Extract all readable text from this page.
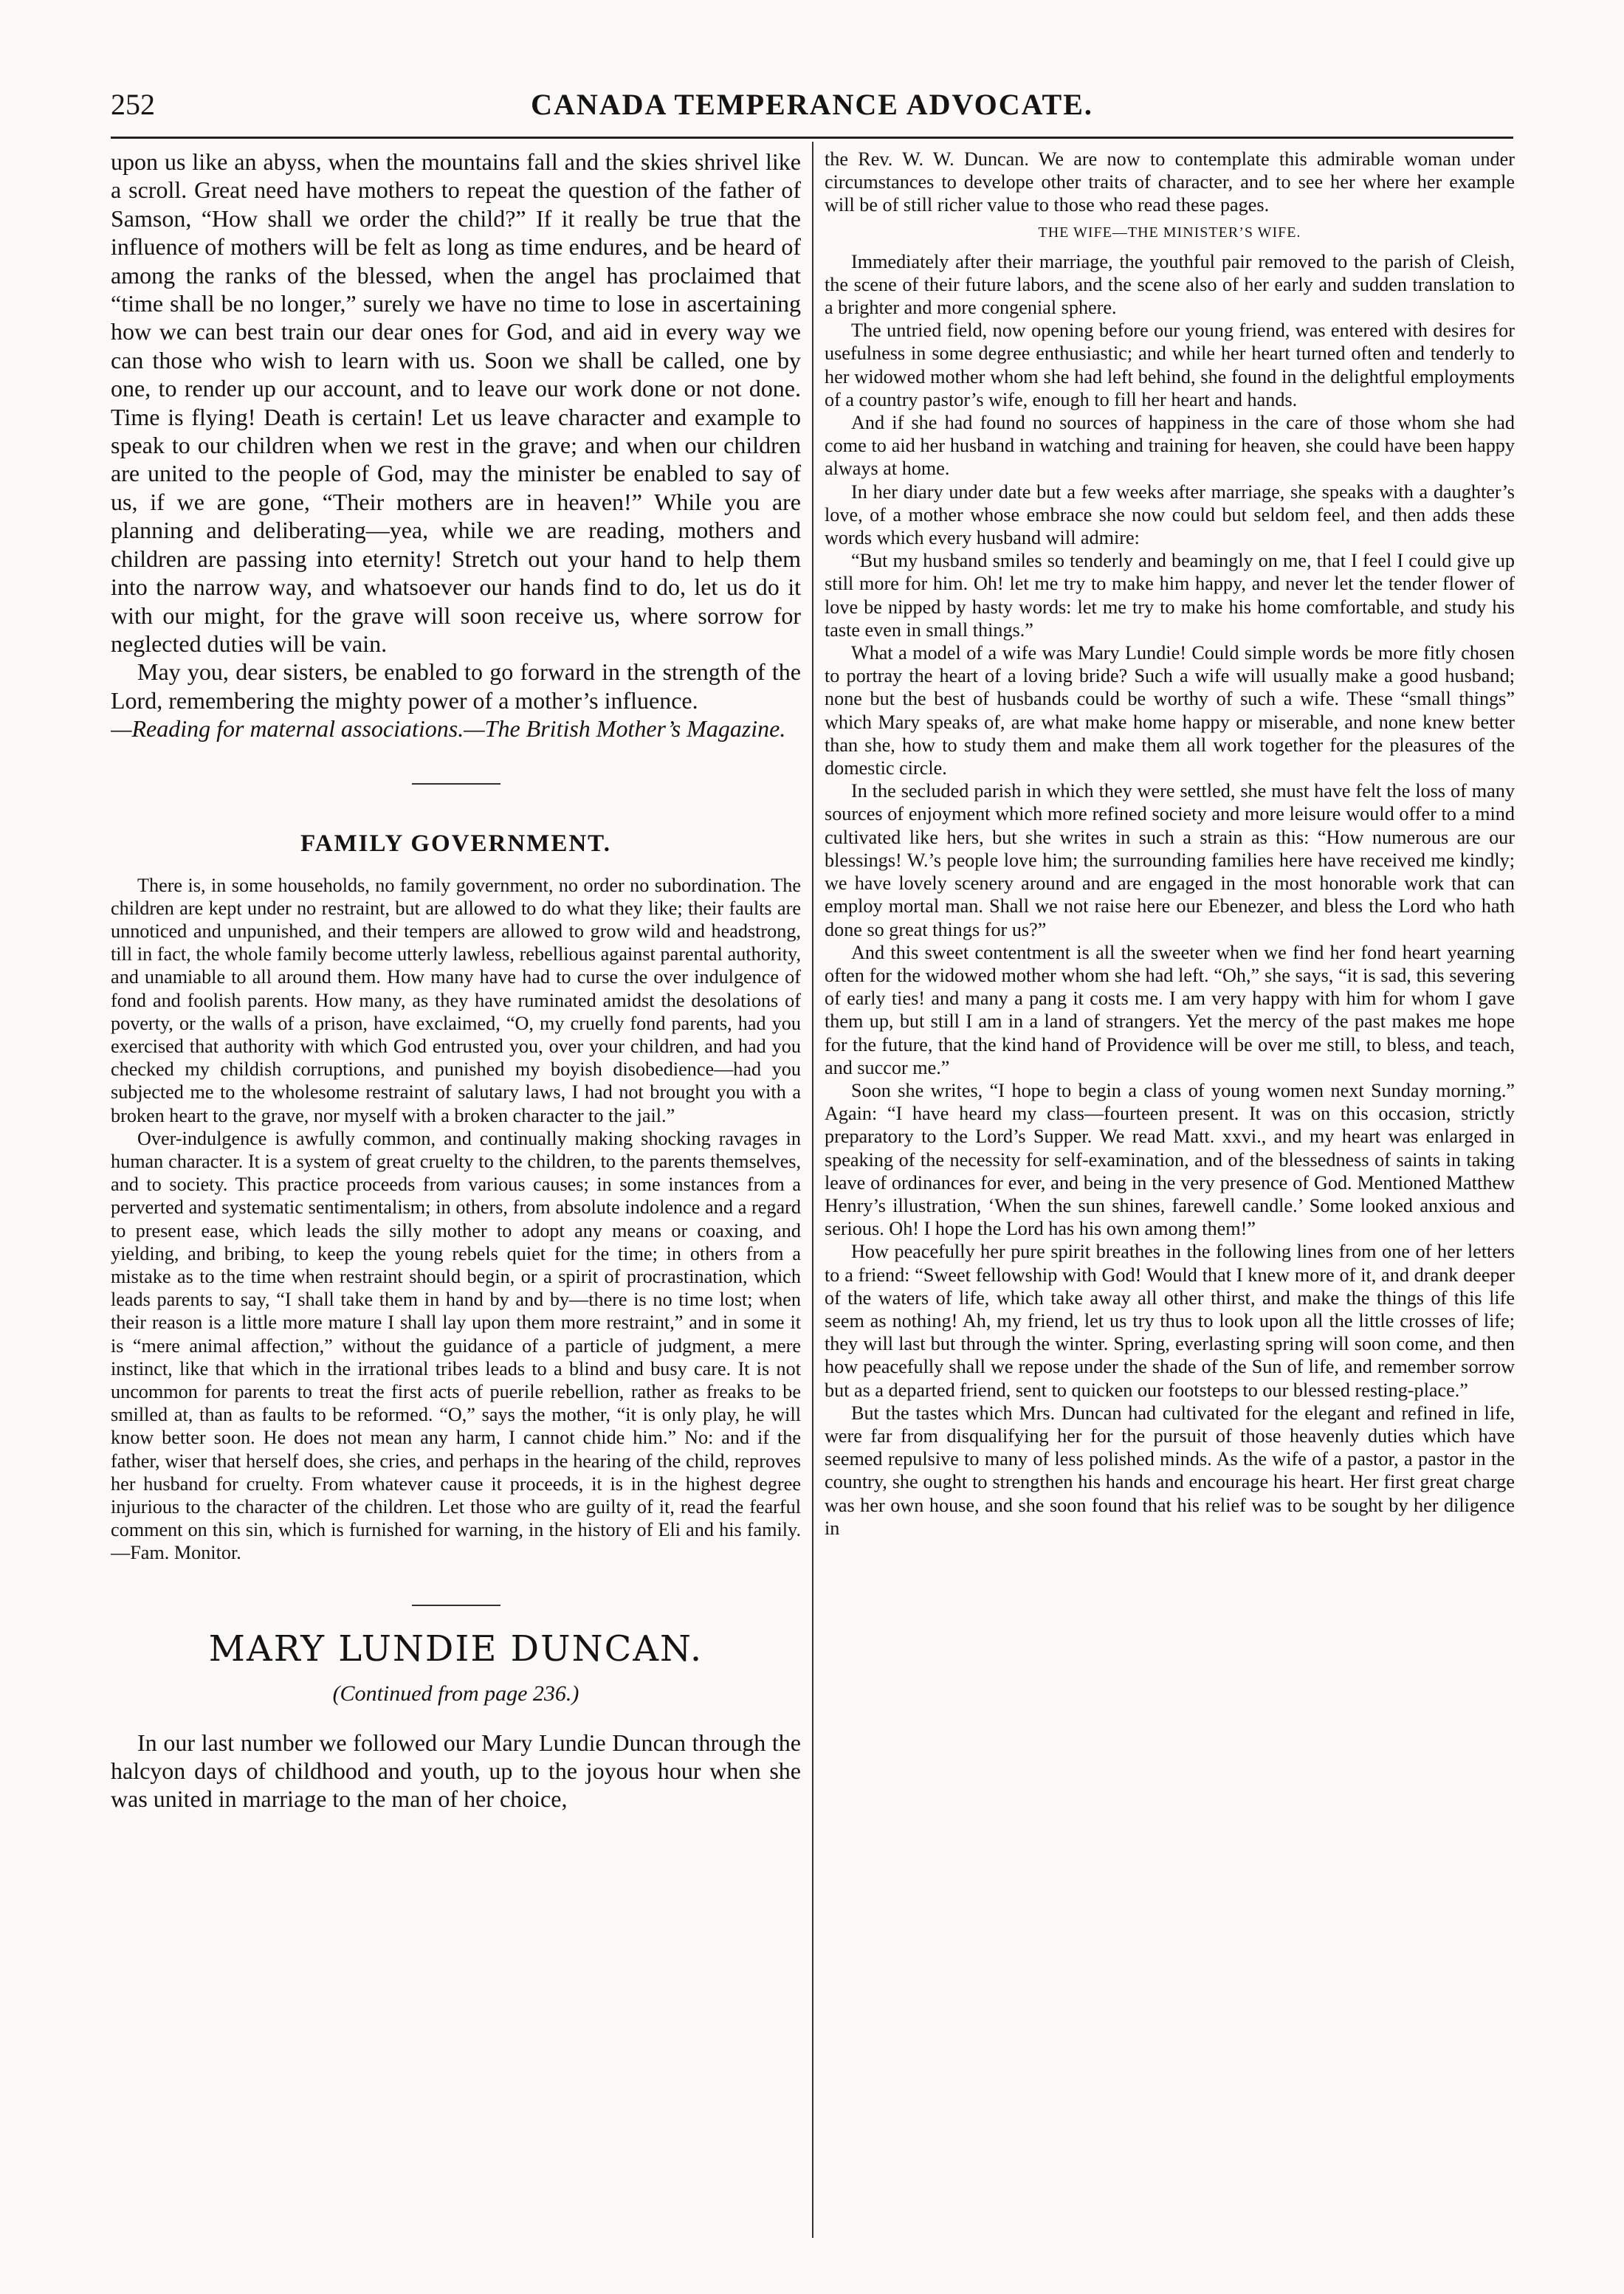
252	CANADA TEMPERANCE ADVOCATE.

upon us like an abyss, when the mountains fall and the skies shrivel like a scroll. Great need have mothers to repeat the question of the father of Samson, “How shall we order the child?” If it really be true that the influence of mothers will be felt as long as time endures, and be heard of among the ranks of the blessed, when the angel has proclaimed that “time shall be no longer,” surely we have no time to lose in ascertaining how we can best train our dear ones for God, and aid in every way we can those who wish to learn with us. Soon we shall be called, one by one, to render up our account, and to leave our work done or not done. Time is flying! Death is certain! Let us leave character and example to speak to our children when we rest in the grave; and when our children are united to the people of God, may the minister be enabled to say of us, if we are gone, “Their mothers are in heaven!” While you are planning and deliberating—yea, while we are reading, mothers and children are passing into eternity! Stretch out your hand to help them into the narrow way, and whatsoever our hands find to do, let us do it with our might, for the grave will soon receive us, where sorrow for neglected duties will be vain.

May you, dear sisters, be enabled to go forward in the strength of the Lord, remembering the mighty power of a mother’s influence.

—Reading for maternal associations.—The British Mother’s Magazine.

FAMILY GOVERNMENT.

There is, in some households, no family government, no order no subordination. The children are kept under no restraint, but are allowed to do what they like; their faults are unnoticed and unpunished, and their tempers are allowed to grow wild and headstrong, till in fact, the whole family become utterly lawless, rebellious against parental authority, and unamiable to all around them. How many have had to curse the over indulgence of fond and foolish parents. How many, as they have ruminated amidst the desolations of poverty, or the walls of a prison, have exclaimed, “O, my cruelly fond parents, had you exercised that authority with which God entrusted you, over your children, and had you checked my childish corruptions, and punished my boyish disobedience—had you subjected me to the wholesome restraint of salutary laws, I had not brought you with a broken heart to the grave, nor myself with a broken character to the jail.”

Over-indulgence is awfully common, and continually making shocking ravages in human character. It is a system of great cruelty to the children, to the parents themselves, and to society. This practice proceeds from various causes; in some instances from a perverted and systematic sentimentalism; in others, from absolute indolence and a regard to present ease, which leads the silly mother to adopt any means or coaxing, and yielding, and bribing, to keep the young rebels quiet for the time; in others from a mistake as to the time when restraint should begin, or a spirit of procrastination, which leads parents to say, “I shall take them in hand by and by—there is no time lost; when their reason is a little more mature I shall lay upon them more restraint,” and in some it is “mere animal affection,” without the guidance of a particle of judgment, a mere instinct, like that which in the irrational tribes leads to a blind and busy care. It is not uncommon for parents to treat the first acts of puerile rebellion, rather as freaks to be smilled at, than as faults to be reformed. “O,” says the mother, “it is only play, he will know better soon. He does not mean any harm, I cannot chide him.” No: and if the father, wiser that herself does, she cries, and perhaps in the hearing of the child, reproves her husband for cruelty. From whatever cause it proceeds, it is in the highest degree injurious to the character of the children. Let those who are guilty of it, read the fearful comment on this sin, which is furnished for warning, in the history of Eli and his family.—Fam. Monitor.

MARY LUNDIE DUNCAN.
(Continued from page 236.)

In our last number we followed our Mary Lundie Duncan through the halcyon days of childhood and youth, up to the joyous hour when she was united in marriage to the man of her choice,

the Rev. W. W. Duncan. We are now to contemplate this admirable woman under circumstances to develope other traits of character, and to see her where her example will be of still richer value to those who read these pages.

THE WIFE—THE MINISTER’S WIFE.

Immediately after their marriage, the youthful pair removed to the parish of Cleish, the scene of their future labors, and the scene also of her early and sudden translation to a brighter and more congenial sphere.

The untried field, now opening before our young friend, was entered with desires for usefulness in some degree enthusiastic; and while her heart turned often and tenderly to her widowed mother whom she had left behind, she found in the delightful employments of a country pastor’s wife, enough to fill her heart and hands.

And if she had found no sources of happiness in the care of those whom she had come to aid her husband in watching and training for heaven, she could have been happy always at home.

In her diary under date but a few weeks after marriage, she speaks with a daughter’s love, of a mother whose embrace she now could but seldom feel, and then adds these words which every husband will admire:

“But my husband smiles so tenderly and beamingly on me, that I feel I could give up still more for him. Oh! let me try to make him happy, and never let the tender flower of love be nipped by hasty words: let me try to make his home comfortable, and study his taste even in small things.”

What a model of a wife was Mary Lundie! Could simple words be more fitly chosen to portray the heart of a loving bride? Such a wife will usually make a good husband; none but the best of husbands could be worthy of such a wife. These “small things” which Mary speaks of, are what make home happy or miserable, and none knew better than she, how to study them and make them all work together for the pleasures of the domestic circle.

In the secluded parish in which they were settled, she must have felt the loss of many sources of enjoyment which more refined society and more leisure would offer to a mind cultivated like hers, but she writes in such a strain as this: “How numerous are our blessings! W.’s people love him; the surrounding families here have received me kindly; we have lovely scenery around and are engaged in the most honorable work that can employ mortal man. Shall we not raise here our Ebenezer, and bless the Lord who hath done so great things for us?”

And this sweet contentment is all the sweeter when we find her fond heart yearning often for the widowed mother whom she had left. “Oh,” she says, “it is sad, this severing of early ties! and many a pang it costs me. I am very happy with him for whom I gave them up, but still I am in a land of strangers. Yet the mercy of the past makes me hope for the future, that the kind hand of Providence will be over me still, to bless, and teach, and succor me.”

Soon she writes, “I hope to begin a class of young women next Sunday morning.” Again: “I have heard my class—fourteen present. It was on this occasion, strictly preparatory to the Lord’s Supper. We read Matt. xxvi., and my heart was enlarged in speaking of the necessity for self-examination, and of the blessedness of saints in taking leave of ordinances for ever, and being in the very presence of God. Mentioned Matthew Henry’s illustration, ‘When the sun shines, farewell candle.’ Some looked anxious and serious. Oh! I hope the Lord has his own among them!”

How peacefully her pure spirit breathes in the following lines from one of her letters to a friend: “Sweet fellowship with God! Would that I knew more of it, and drank deeper of the waters of life, which take away all other thirst, and make the things of this life seem as nothing! Ah, my friend, let us try thus to look upon all the little crosses of life; they will last but through the winter. Spring, everlasting spring will soon come, and then how peacefully shall we repose under the shade of the Sun of life, and remember sorrow but as a departed friend, sent to quicken our footsteps to our blessed resting-place.”

But the tastes which Mrs. Duncan had cultivated for the elegant and refined in life, were far from disqualifying her for the pursuit of those heavenly duties which have seemed repulsive to many of less polished minds. As the wife of a pastor, a pastor in the country, she ought to strengthen his hands and encourage his heart. Her first great charge was her own house, and she soon found that his relief was to be sought by her diligence in
